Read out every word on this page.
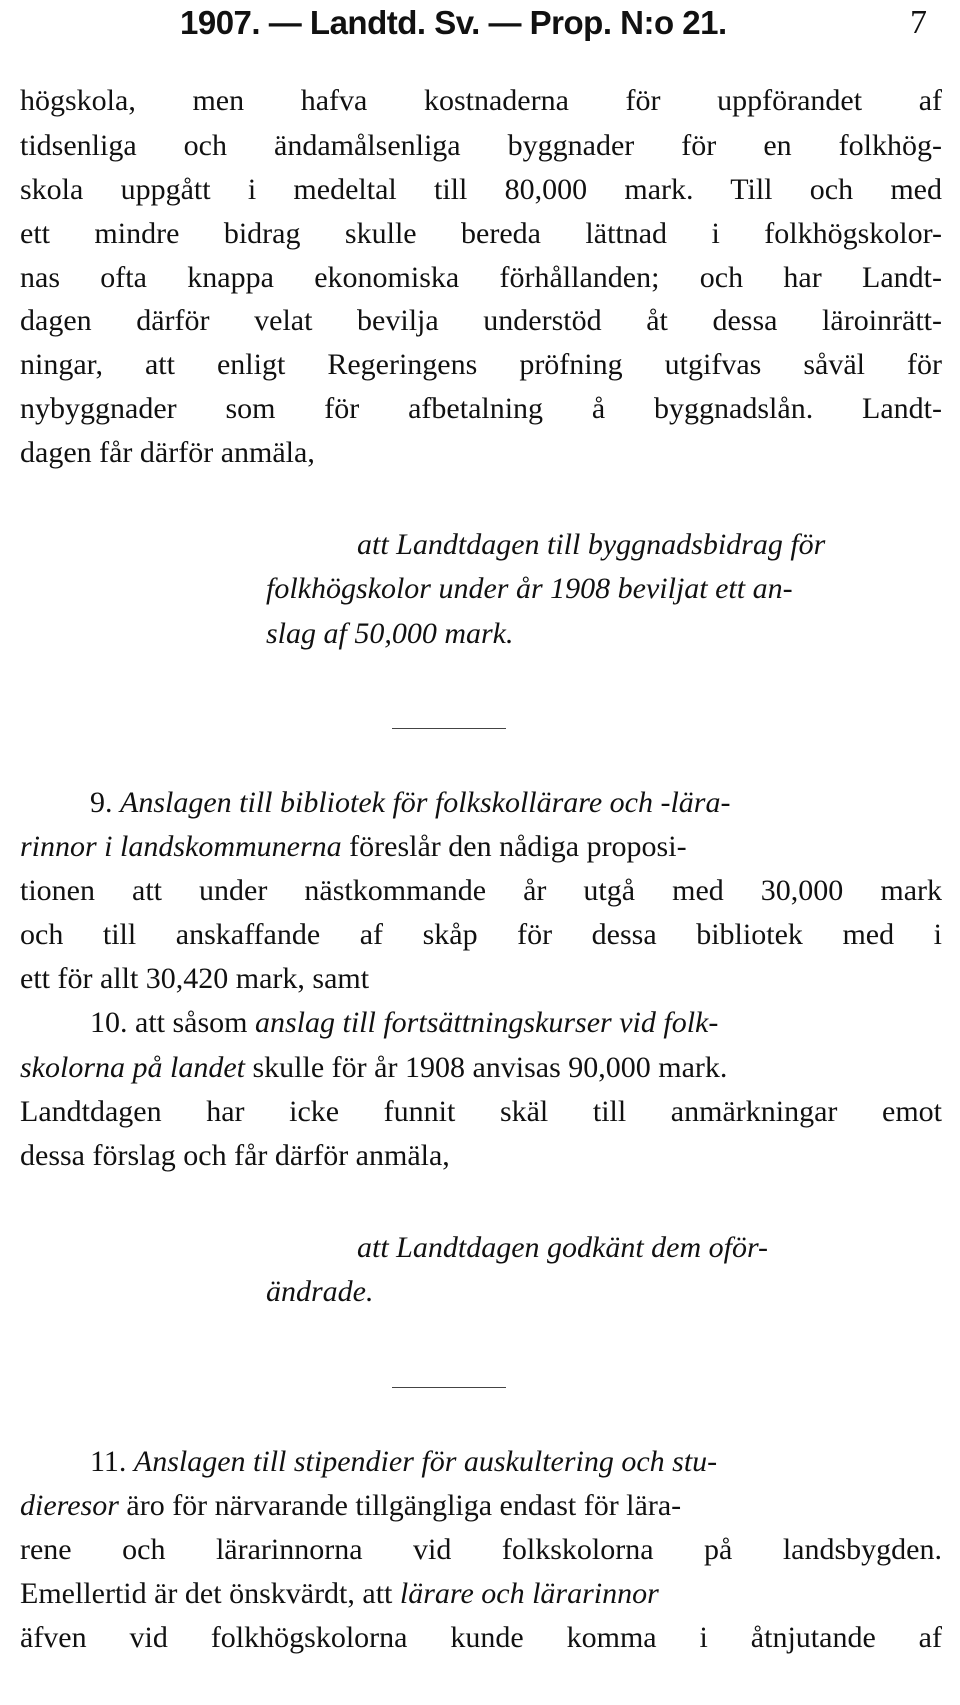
1907. — Landtd. Sv. — Prop. N:o 21.	7
högskola, men hafva kostnaderna för uppförandet af
tidsenliga och ändamålsenliga byggnader för en folkhög-
skola uppgått i medeltal till 80,000 mark. Till och med
ett mindre bidrag skulle bereda lättnad i folkhögskolor-
nas ofta knappa ekonomiska förhållanden; och har Landt-
dagen därför velat bevilja understöd åt dessa läroinrätt-
ningar, att enligt Regeringens pröfning utgifvas såväl för
nybyggnader som för afbetalning å byggnadslån. Landt-
dagen får därför anmäla,
att Landtdagen till byggnadsbidrag för
folkhögskolor under år 1908 beviljat ett an-
slag af 50,000 mark.
9. Anslagen till bibliotek för folkskollärare och -lära-
rinnor i landskommunerna föreslår den nådiga proposi-
tionen att under nästkommande år utgå med 30,000 mark
och till anskaffande af skåp för dessa bibliotek med i
ett för allt 30,420 mark, samt
10. att såsom anslag till fortsättningskurser vid folk-
skolorna på landet skulle för år 1908 anvisas 90,000 mark.
Landtdagen har icke funnit skäl till anmärkningar emot
dessa förslag och får därför anmäla,
att Landtdagen godkänt dem oför-
ändrade.
11. Anslagen till stipendier för auskultering och stu-
dieresor äro för närvarande tillgängliga endast för lära-
rene och lärarinnorna vid folkskolorna på landsbygden.
Emellertid är det önskvärdt, att lärare och lärarinnor
äfven vid folkhögskolorna kunde komma i åtnjutande af
